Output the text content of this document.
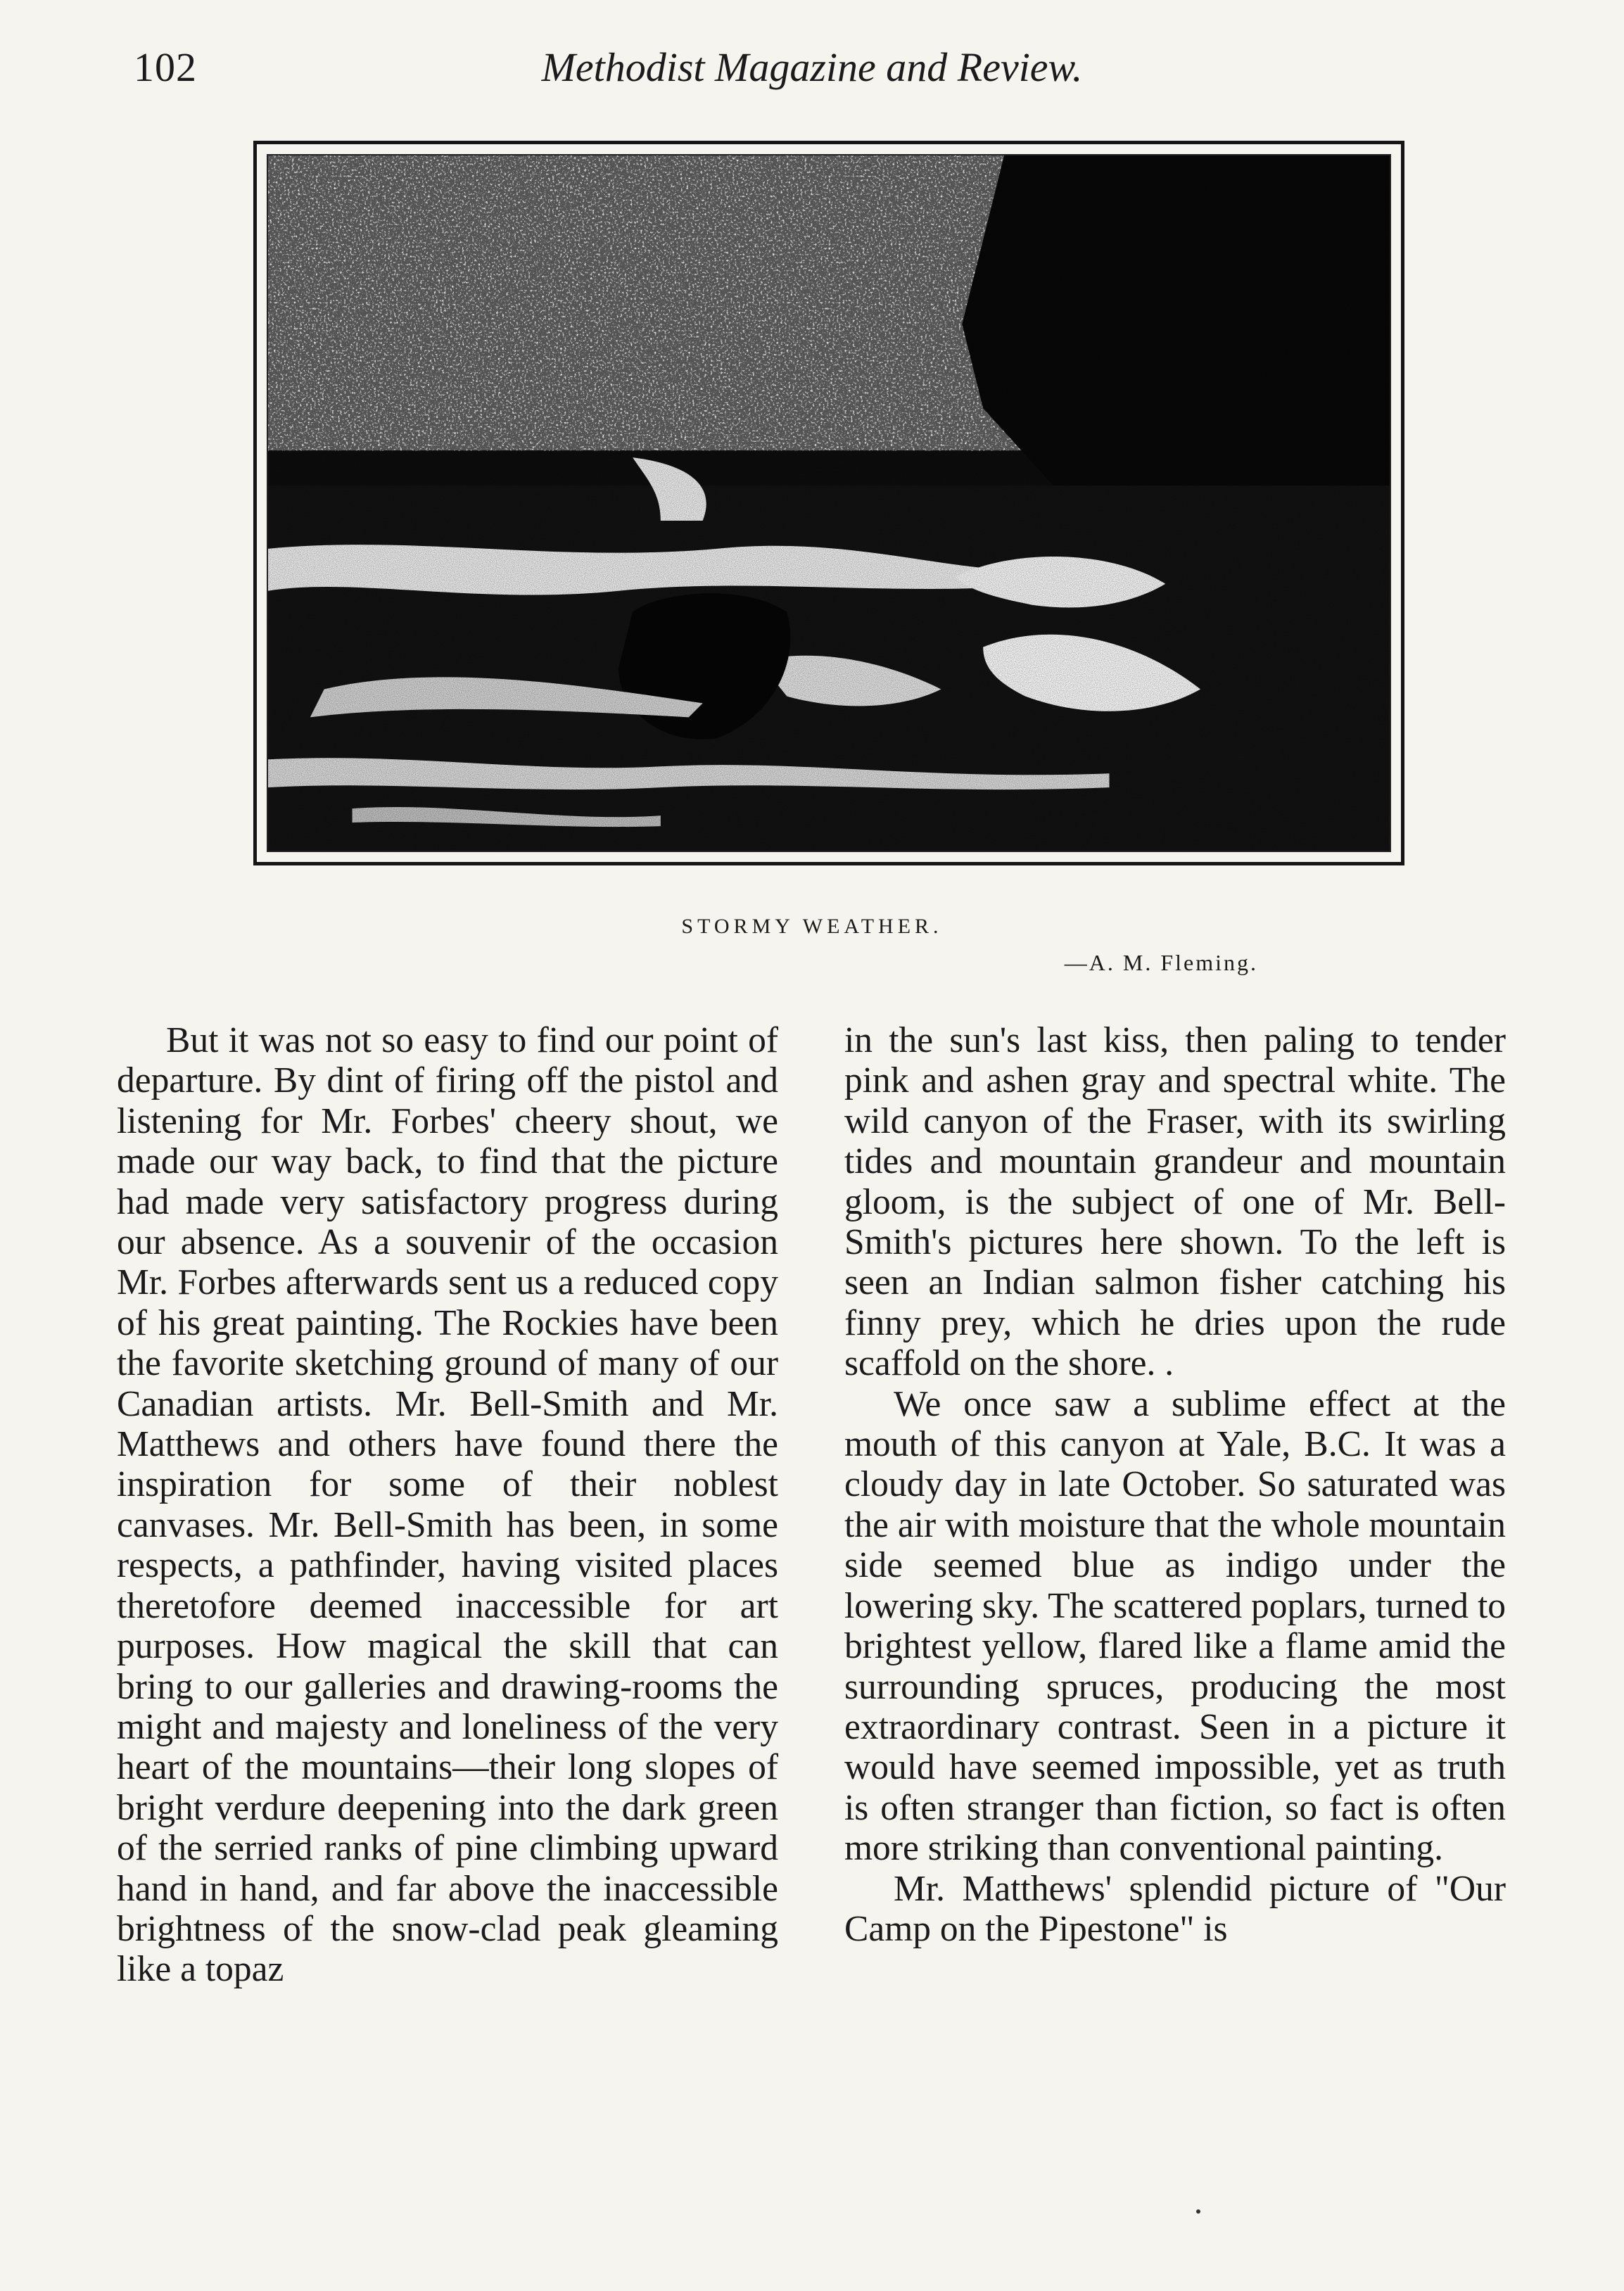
102	Methodist Magazine and Review.
STORMY WEATHER.
—A. M. Fleming.

But it was not so easy to find our point of departure. By dint of firing off the pistol and listening for Mr. Forbes' cheery shout, we made our way back, to find that the picture had made very satisfactory progress during our absence. As a souvenir of the occasion Mr. Forbes afterwards sent us a reduced copy of his great painting. The Rockies have been the favorite sketching ground of many of our Canadian artists. Mr. Bell-Smith and Mr. Matthews and others have found there the inspiration for some of their noblest canvases. Mr. Bell-Smith has been, in some respects, a pathfinder, having visited places theretofore deemed inaccessible for art purposes. How magical the skill that can bring to our galleries and drawing-rooms the might and majesty and loneliness of the very heart of the mountains—their long slopes of bright verdure deepening into the dark green of the serried ranks of pine climbing upward hand in hand, and far above the inaccessible brightness of the snow-clad peak gleaming like a topaz

in the sun's last kiss, then paling to tender pink and ashen gray and spectral white. The wild canyon of the Fraser, with its swirling tides and mountain grandeur and mountain gloom, is the subject of one of Mr. Bell-Smith's pictures here shown. To the left is seen an Indian salmon fisher catching his finny prey, which he dries upon the rude scaffold on the shore. .

We once saw a sublime effect at the mouth of this canyon at Yale, B.C. It was a cloudy day in late October. So saturated was the air with moisture that the whole mountain side seemed blue as indigo under the lowering sky. The scattered poplars, turned to brightest yellow, flared like a flame amid the surrounding spruces, producing the most extraordinary contrast. Seen in a picture it would have seemed impossible, yet as truth is often stranger than fiction, so fact is often more striking than conventional painting.

Mr. Matthews' splendid picture of "Our Camp on the Pipestone" is
